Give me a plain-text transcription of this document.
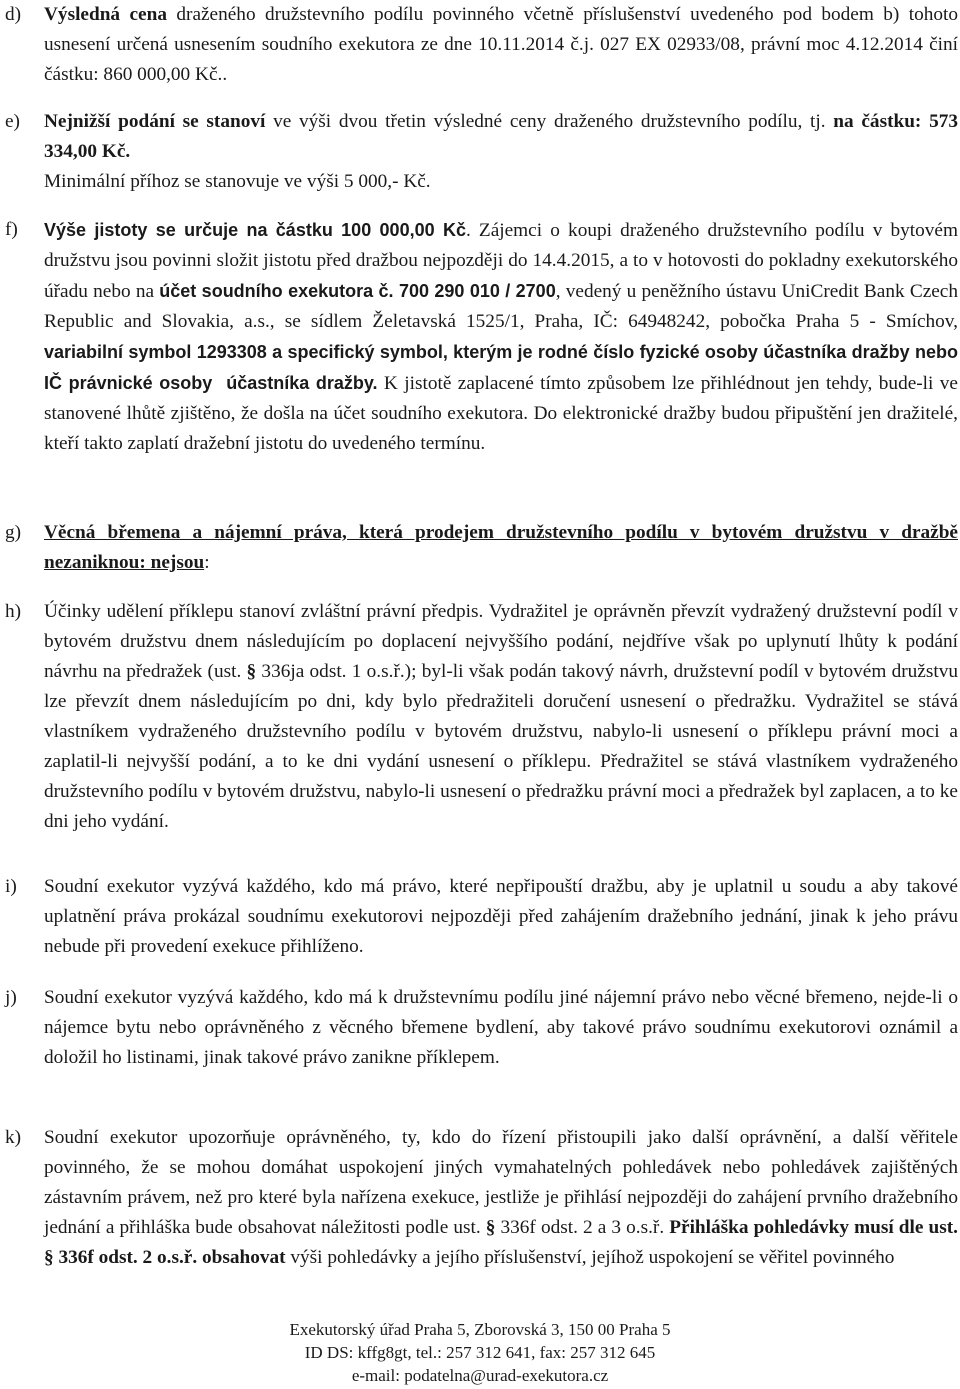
d) Výsledná cena draženého družstevního podílu povinného včetně příslušenství uvedeného pod bodem b) tohoto usnesení určená usnesením soudního exekutora ze dne 10.11.2014 č.j. 027 EX 02933/08, právní moc 4.12.2014 činí částku: 860 000,00 Kč..
e) Nejnižší podání se stanoví ve výši dvou třetin výsledné ceny draženého družstevního podílu, tj. na částku: 573 334,00 Kč.
Minimální příhoz se stanovuje ve výši 5 000,- Kč.
f) Výše jistoty se určuje na částku 100 000,00 Kč. Zájemci o koupi draženého družstevního podílu v bytovém družstvu jsou povinni složit jistotu před dražbou nejpozději do 14.4.2015, a to v hotovosti do pokladny exekutorského úřadu nebo na účet soudního exekutora č. 700 290 010 / 2700, vedený u peněžního ústavu UniCredit Bank Czech Republic and Slovakia, a.s., se sídlem Želetavská 1525/1, Praha, IČ: 64948242, pobočka Praha 5 - Smíchov, variabilní symbol 1293308 a specifický symbol, kterým je rodné číslo fyzické osoby účastníka dražby nebo IČ právnické osoby účastníka dražby. K jistotě zaplacené tímto způsobem lze přihlédnout jen tehdy, bude-li ve stanovené lhůtě zjištěno, že došla na účet soudního exekutora. Do elektronické dražby budou připuštění jen dražitelé, kteří takto zaplatí dražební jistotu do uvedeného termínu.
g) Věcná břemena a nájemní práva, která prodejem družstevního podílu v bytovém družstvu v dražbě nezaniknou: nejsou:
h) Účinky udělení příklepu stanoví zvláštní právní předpis. Vydražitel je oprávněn převzít vydražený družstevní podíl v bytovém družstvu dnem následujícím po doplacení nejvyššího podání, nejdříve však po uplynutí lhůty k podání návrhu na předražek (ust. § 336ja odst. 1 o.s.ř.); byl-li však podán takový návrh, družstevní podíl v bytovém družstvu lze převzít dnem následujícím po dni, kdy bylo předražiteli doručení usnesení o předražku. Vydražitel se stává vlastníkem vydraženého družstevního podílu v bytovém družstvu, nabylo-li usnesení o příklepu právní moci a zaplatil-li nejvyšší podání, a to ke dni vydání usnesení o příklepu. Předražitel se stává vlastníkem vydraženého družstevního podílu v bytovém družstvu, nabylo-li usnesení o předražku právní moci a předražek byl zaplacen, a to ke dni jeho vydání.
i) Soudní exekutor vyzývá každého, kdo má právo, které nepřipouští dražbu, aby je uplatnil u soudu a aby takové uplatnění práva prokázal soudnímu exekutorovi nejpozději před zahájením dražebního jednání, jinak k jeho právu nebude při provedení exekuce přihlíženo.
j) Soudní exekutor vyzývá každého, kdo má k družstevnímu podílu jiné nájemní právo nebo věcné břemeno, nejde-li o nájemce bytu nebo oprávněného z věcného břemene bydlení, aby takové právo soudnímu exekutorovi oznámil a doložil ho listinami, jinak takové právo zanikne příklepem.
k) Soudní exekutor upozorňuje oprávněného, ty, kdo do řízení přistoupili jako další oprávnění, a další věřitele povinného, že se mohou domáhat uspokojení jiných vymahatelných pohledávek nebo pohledávek zajištěných zástavním právem, než pro které byla nařízena exekuce, jestliže je přihlásí nejpozději do zahájení prvního dražebního jednání a přihláška bude obsahovat náležitosti podle ust. § 336f odst. 2 a 3 o.s.ř. Přihláška pohledávky musí dle ust. § 336f odst. 2 o.s.ř. obsahovat výši pohledávky a jejího příslušenství, jejíhož uspokojení se věřitel povinného
Exekutorský úřad Praha 5, Zborovská 3, 150 00 Praha 5
ID DS: kffg8gt, tel.: 257 312 641, fax: 257 312 645
e-mail: podatelna@urad-exekutora.cz
